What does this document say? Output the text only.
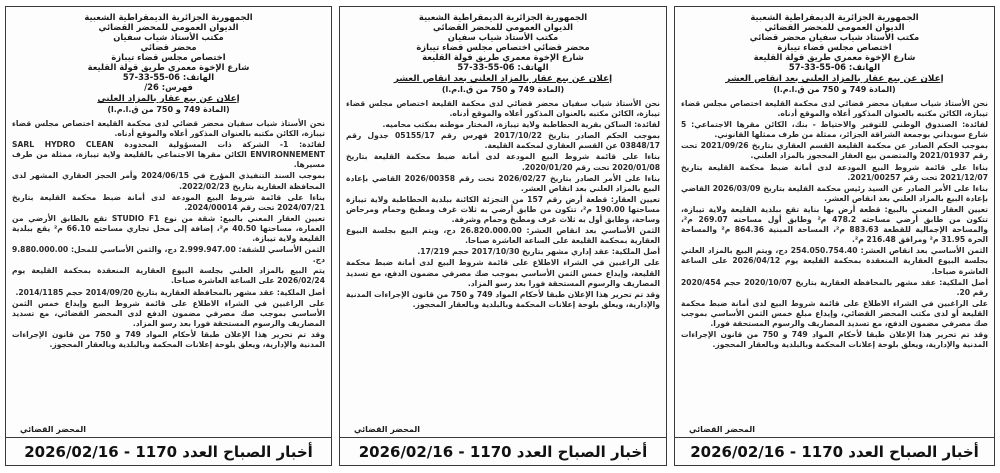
الجمهورية الجزائرية الديمقراطية الشعبية
الديوان العمومي للمحضر القضائي
مكتب الأستاذ شياب سفيان محضر قضائي
اختصاص مجلس قضاء تيبازة
شارع الإخوة معمري طريق قولة القليعة
الهاتف: 06-55-33-57
إعلان عن بيع عقار بالمزاد العلني بعد انقاص العشر
(المادة 749 و 750 من ق.ا.م.ا)

نحن الأستاذ شياب سفيان محضر قضائي لدى محكمة القليعة اختصاص مجلس قضاء تيبازة، الكائن مكتبه بالعنوان المذكور أعلاه والموقع أدناه.

لفائدة: الصندوق الوطني للتوفير والاحتياط - بنك، الكائن مقرها الاجتماعي: 5 شارع سويداني بوجمعة الشراقة الجزائر، ممثلة من طرف ممثلها القانوني.

بموجب الحكم الصادر عن محكمة القليعة القسم العقاري بتاريخ 2021/09/26 تحت رقم 2021/01937 والمتضمن بيع العقار المحجوز بالمزاد العلني.

بناءا على قائمة شروط البيع المودعة لدى أمانة ضبط محكمة القليعة بتاريخ 2021/12/07 تحت رقم 2021/00257.

بناءا على الأمر الصادر عن السيد رئيس محكمة القليعة بتاريخ 2026/03/09 القاضي بإعادة البيع بالمزاد العلني بعد انقاص العشر.

تعيين العقار المعني بالبيع: قطعة أرض بها بناية تقع ببلدية القليعة ولاية تيبازة، تتكون من طابق أرضي مساحته 478.2 م² وطابق أول مساحته 269.07 م²، والمساحة الإجمالية للقطعة 883.63 م²، المساحة المبنية 864.36 م² والمساحة الحرة 31.95 م² ومرافق 216.48 م².

الثمن الأساسي بعد انقاص العشر: 254.050.754.40 دج، ويتم البيع بالمزاد العلني بجلسة البيوع العقارية المنعقدة بمحكمة القليعة يوم 2026/04/12 على الساعة العاشرة صباحا.

أصل الملكية: عقد مشهر بالمحافظة العقارية بتاريخ 2020/10/07 حجم 2020/454 رقم 20.

على الراغبين في الشراء الاطلاع على قائمة شروط البيع لدى أمانة ضبط محكمة القليعة أو لدى مكتب المحضر القضائي، وإيداع مبلغ خمس الثمن الأساسي بموجب صك مصرفي مضمون الدفع، مع تسديد المصاريف والرسوم المستحقة فورا.

وقد تم تحرير هذا الإعلان طبقا لأحكام المواد 749 و 750 من قانون الإجراءات المدنية والإدارية، ويعلق بلوحة إعلانات المحكمة وبالبلدية وبالعقار المحجوز.

المحضر القضائي
أخبار الصباح العدد 1170 - 2026/02/16
الجمهورية الجزائرية الديمقراطية الشعبية
الديوان العمومي للمحضر القضائي
مكتب الأستاذ شياب سفيان
محضر قضائي اختصاص مجلس قضاء تيبازة
شارع الإخوة معمري طريق قولة القليعة
الهاتف: 06-55-33-57
إعلان عن بيع عقار بالمزاد العلني بعد انقاص العشر
(المادة 749 و 750 من ق.ا.م.ا)

نحن الأستاذ شياب سفيان محضر قضائي لدى محكمة القليعة اختصاص مجلس قضاء تيبازة، الكائن مكتبه بالعنوان المذكور أعلاه والموقع أدناه.

لفائدة: الساكن بقرية الحطاطبة ولاية تيبازة، المختار موطنه بمكتب محاميه.

بموجب الحكم الصادر بتاريخ 2017/10/22 فهرس رقم 05155/17 جدول رقم 03848/17 عن القسم العقاري لمحكمة القليعة.

بناءا على قائمة شروط البيع المودعة لدى أمانة ضبط محكمة القليعة بتاريخ 2020/01/08 تحت رقم 2020/01/20.

بناءا على الأمر الصادر بتاريخ 2026/02/27 تحت رقم 2026/00358 القاضي بإعادة البيع بالمزاد العلني بعد انقاص العشر.

تعيين العقار: قطعة أرض رقم 157 من التجزئة الكائنة ببلدية الحطاطبة ولاية تيبازة مساحتها 190.00 م²، تتكون من طابق أرضي به ثلاث غرف ومطبخ وحمام ومرحاض وساحة، وطابق أول به ثلاث غرف ومطبخ وحمام وشرفة.

الثمن الأساسي بعد انقاص العشر: 26.820.000.00 دج، ويتم البيع بجلسة البيوع العقارية بمحكمة القليعة على الساعة العاشرة صباحا.

أصل الملكية: عقد إداري مشهر بتاريخ 2017/10/30 حجم 17/219.

على الراغبين في الشراء الاطلاع على قائمة شروط البيع لدى أمانة ضبط محكمة القليعة، وإيداع خمس الثمن الأساسي بموجب صك مصرفي مضمون الدفع، مع تسديد المصاريف والرسوم المستحقة فورا بعد رسو المزاد.

وقد تم تحرير هذا الإعلان طبقا لأحكام المواد 749 و 750 من قانون الإجراءات المدنية والإدارية، ويعلق بلوحة إعلانات المحكمة وبالبلدية وبالعقار المحجوز.

المحضر القضائي
أخبار الصباح العدد 1170 - 2026/02/16
الجمهورية الجزائرية الديمقراطية الشعبية
الديوان العمومي للمحضر القضائي
مكتب الأستاذ شياب سفيان
محضر قضائي
اختصاص مجلس قضاء تيبازة
شارع الإخوة معمري طريق قولة القليعة
الهاتف: 06-55-33-57
فهرس: 26/
إعلان عن بيع عقار بالمزاد العلني
(المادة 749 و 750 من ق.ا.م.ا)

نحن الأستاذ شياب سفيان محضر قضائي لدى محكمة القليعة اختصاص مجلس قضاء تيبازة، الكائن مكتبه بالعنوان المذكور أعلاه والموقع أدناه.

لفائدة: 1- الشركة ذات المسؤولية المحدودة SARL HYDRO CLEAN ENVIRONNEMENT الكائن مقرها الاجتماعي بالقليعة ولاية تيبازة، ممثلة من طرف مسيرها.

بموجب السند التنفيذي المؤرخ في 2024/06/15 وأمر الحجز العقاري المشهر لدى المحافظة العقارية بتاريخ 2022/02/23.

بناءا على قائمة شروط البيع المودعة لدى أمانة ضبط محكمة القليعة بتاريخ 2024/07/21 تحت رقم 2024/00014.

تعيين العقار المعني بالبيع: شقة من نوع STUDIO F1 تقع بالطابق الأرضي من العمارة، مساحتها 40.50 م²، إضافة إلى محل تجاري مساحته 66.10 م² يقع ببلدية القليعة ولاية تيبازة.

الثمن الأساسي للشقة: 2.999.947.00 دج، والثمن الأساسي للمحل: 9.880.000.00 دج.

يتم البيع بالمزاد العلني بجلسة البيوع العقارية المنعقدة بمحكمة القليعة يوم 2026/02/24 على الساعة العاشرة صباحا.

أصل الملكية: عقد مشهر بالمحافظة العقارية بتاريخ 2014/09/20 حجم 2014/1185.

على الراغبين في الشراء الاطلاع على قائمة شروط البيع وإيداع خمس الثمن الأساسي بموجب صك مصرفي مضمون الدفع لدى المحضر القضائي، مع تسديد المصاريف والرسوم المستحقة فورا بعد رسو المزاد.

وقد تم تحرير هذا الإعلان طبقا لأحكام المواد 749 و 750 من قانون الإجراءات المدنية والإدارية، ويعلق بلوحة إعلانات المحكمة وبالبلدية وبالعقار المحجوز.

المحضر القضائي
أخبار الصباح العدد 1170 - 2026/02/16
